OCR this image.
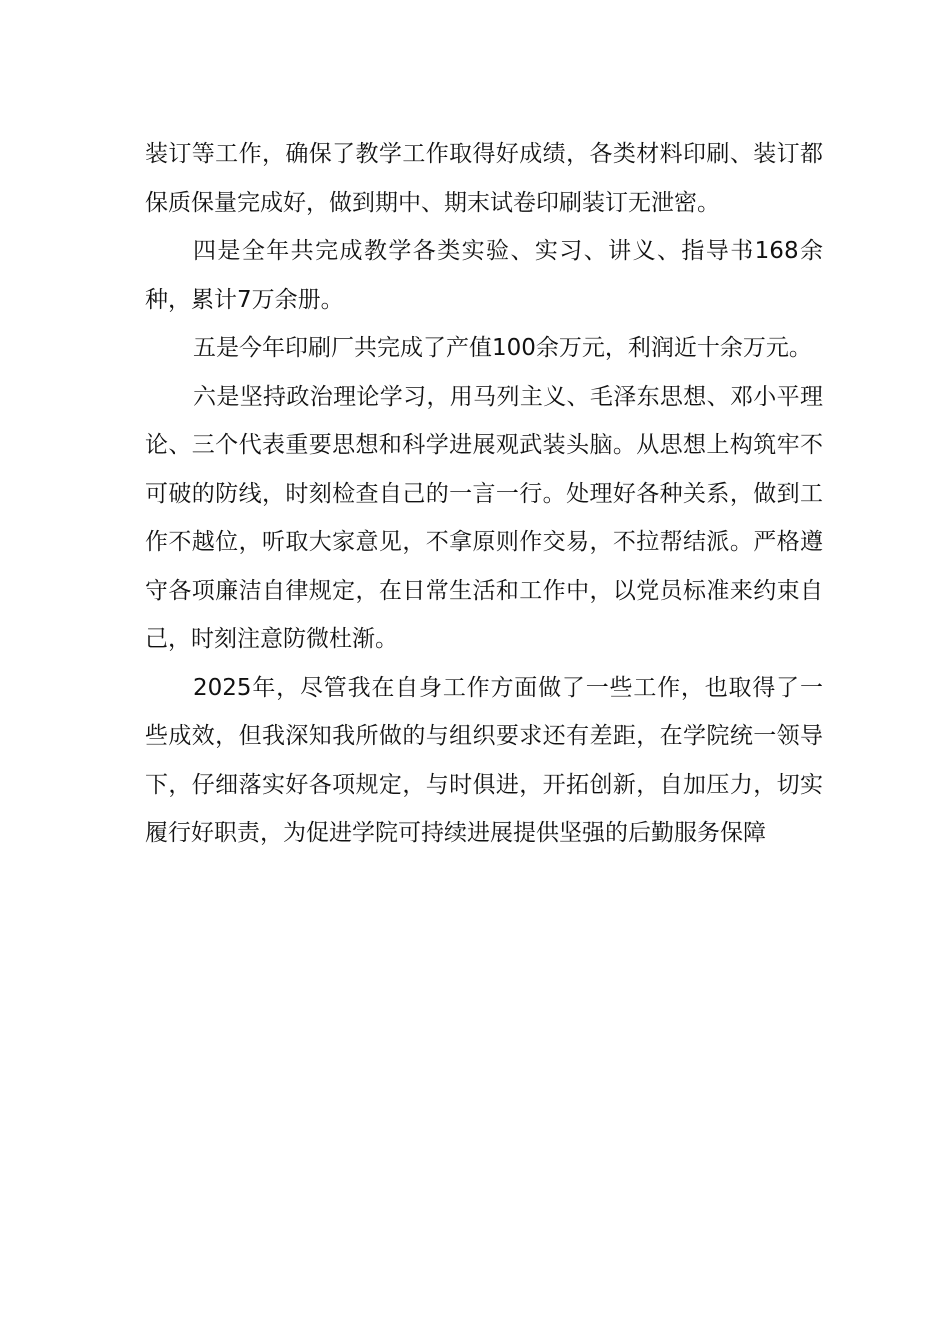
装订等工作，确保了教学工作取得好成绩，各类材料印刷、装订都保质保量完成好，做到期中、期末试卷印刷装订无泄密。

四是全年共完成教学各类实验、实习、讲义、指导书168余种，累计7万余册。

五是今年印刷厂共完成了产值100余万元，利润近十余万元。

六是坚持政治理论学习，用马列主义、毛泽东思想、邓小平理论、三个代表重要思想和科学进展观武装头脑。从思想上构筑牢不可破的防线，时刻检查自己的一言一行。处理好各种关系，做到工作不越位，听取大家意见，不拿原则作交易，不拉帮结派。严格遵守各项廉洁自律规定，在日常生活和工作中，以党员标准来约束自己，时刻注意防微杜渐。

2025年，尽管我在自身工作方面做了一些工作，也取得了一些成效，但我深知我所做的与组织要求还有差距，在学院统一领导下，仔细落实好各项规定，与时俱进，开拓创新，自加压力，切实履行好职责，为促进学院可持续进展提供坚强的后勤服务保障
